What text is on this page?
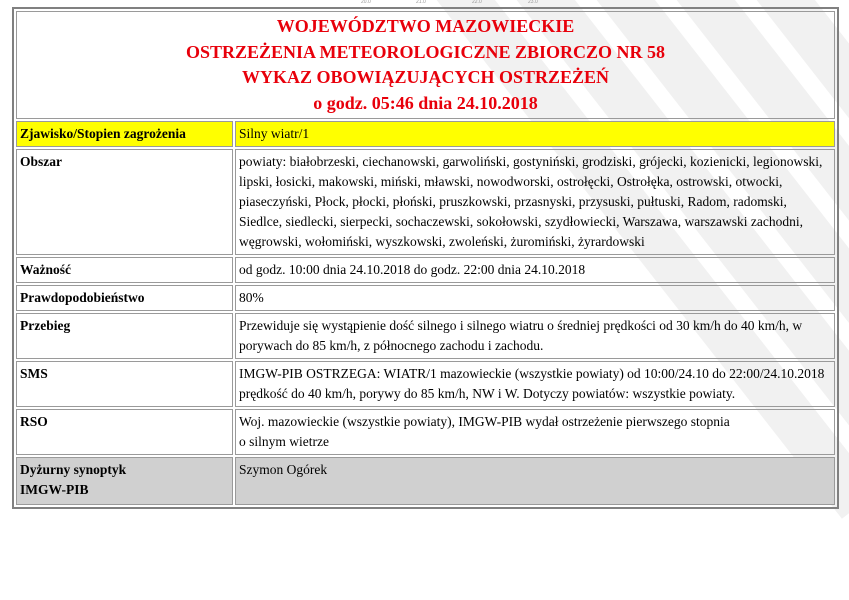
20.0	21.0	22.0	23.0
WOJEWÓDZTWO MAZOWIECKIE
OSTRZEŻENIA METEOROLOGICZNE ZBIORCZO NR 58
WYKAZ OBOWIĄZUJĄCYCH OSTRZEŻEŃ
o godz. 05:46 dnia 24.10.2018	

Zjawisko/Stopien zagrożenia	Silny wiatr/1
Obszar	powiaty: białobrzeski, ciechanowski, garwoliński, gostyniński, grodziski, grójecki, kozienicki, legionowski, lipski, łosicki, makowski, miński, mławski, nowodworski, ostrołęcki, Ostrołęka, ostrowski, otwocki, piaseczyński, Płock, płocki, płoński, pruszkowski, przasnyski, przysuski, pułtuski, Radom, radomski, Siedlce, siedlecki, sierpecki, sochaczewski, sokołowski, szydłowiecki, Warszawa, warszawski zachodni, węgrowski, wołomiński, wyszkowski, zwoleński, żuromiński, żyrardowski
Ważność	od godz. 10:00 dnia 24.10.2018 do godz. 22:00 dnia 24.10.2018
Prawdopodobieństwo	80%
Przebieg	Przewiduje się wystąpienie dość silnego i silnego wiatru o średniej prędkości od 30 km/h do 40 km/h, w porywach do 85 km/h, z północnego zachodu i zachodu.
SMS	IMGW-PIB OSTRZEGA: WIATR/1 mazowieckie (wszystkie powiaty) od 10:00/24.10 do 22:00/24.10.2018 prędkość do 40 km/h, porywy do 85 km/h, NW i W. Dotyczy powiatów: wszystkie powiaty.
RSO	Woj. mazowieckie (wszystkie powiaty), IMGW-PIB wydał ostrzeżenie pierwszego stopnia
o silnym wietrze
Dyżurny synoptyk
IMGW-PIB	Szymon Ogórek
